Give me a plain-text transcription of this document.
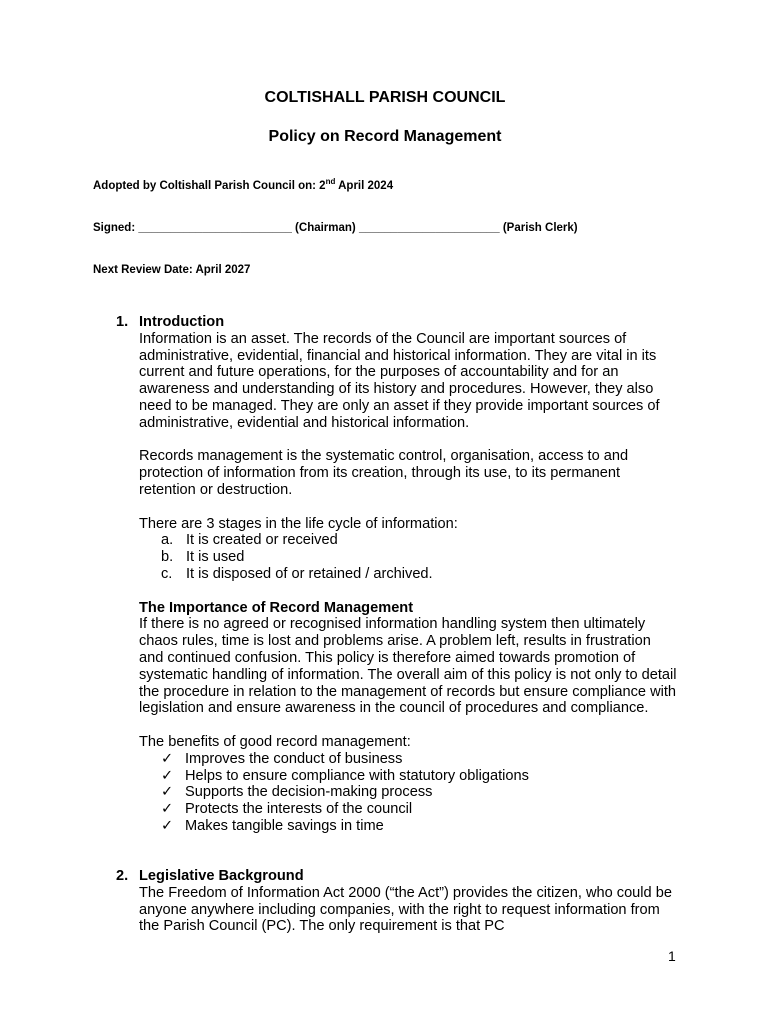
COLTISHALL PARISH COUNCIL
Policy on Record Management
Adopted by Coltishall Parish Council on: 2nd April 2024
Signed: ________________________ (Chairman) ______________________ (Parish Clerk)
Next Review Date: April 2027
1. Introduction

Information is an asset. The records of the Council are important sources of administrative, evidential, financial and historical information. They are vital in its current and future operations, for the purposes of accountability and for an awareness and understanding of its history and procedures. However, they also need to be managed. They are only an asset if they provide important sources of administrative, evidential and historical information.

Records management is the systematic control, organisation, access to and protection of information from its creation, through its use, to its permanent retention or destruction.

There are 3 stages in the life cycle of information:

a. It is created or received
b. It is used
c. It is disposed of or retained / archived.
The Importance of Record Management

If there is no agreed or recognised information handling system then ultimately chaos rules, time is lost and problems arise. A problem left, results in frustration and continued confusion. This policy is therefore aimed towards promotion of systematic handling of information. The overall aim of this policy is not only to detail the procedure in relation to the management of records but ensure compliance with legislation and ensure awareness in the council of procedures and compliance.

The benefits of good record management:

✓ Improves the conduct of business
✓ Helps to ensure compliance with statutory obligations
✓ Supports the decision-making process
✓ Protects the interests of the council
✓ Makes tangible savings in time
2. Legislative Background

The Freedom of Information Act 2000 (“the Act”) provides the citizen, who could be anyone anywhere including companies, with the right to request information from the Parish Council (PC). The only requirement is that PC

1
